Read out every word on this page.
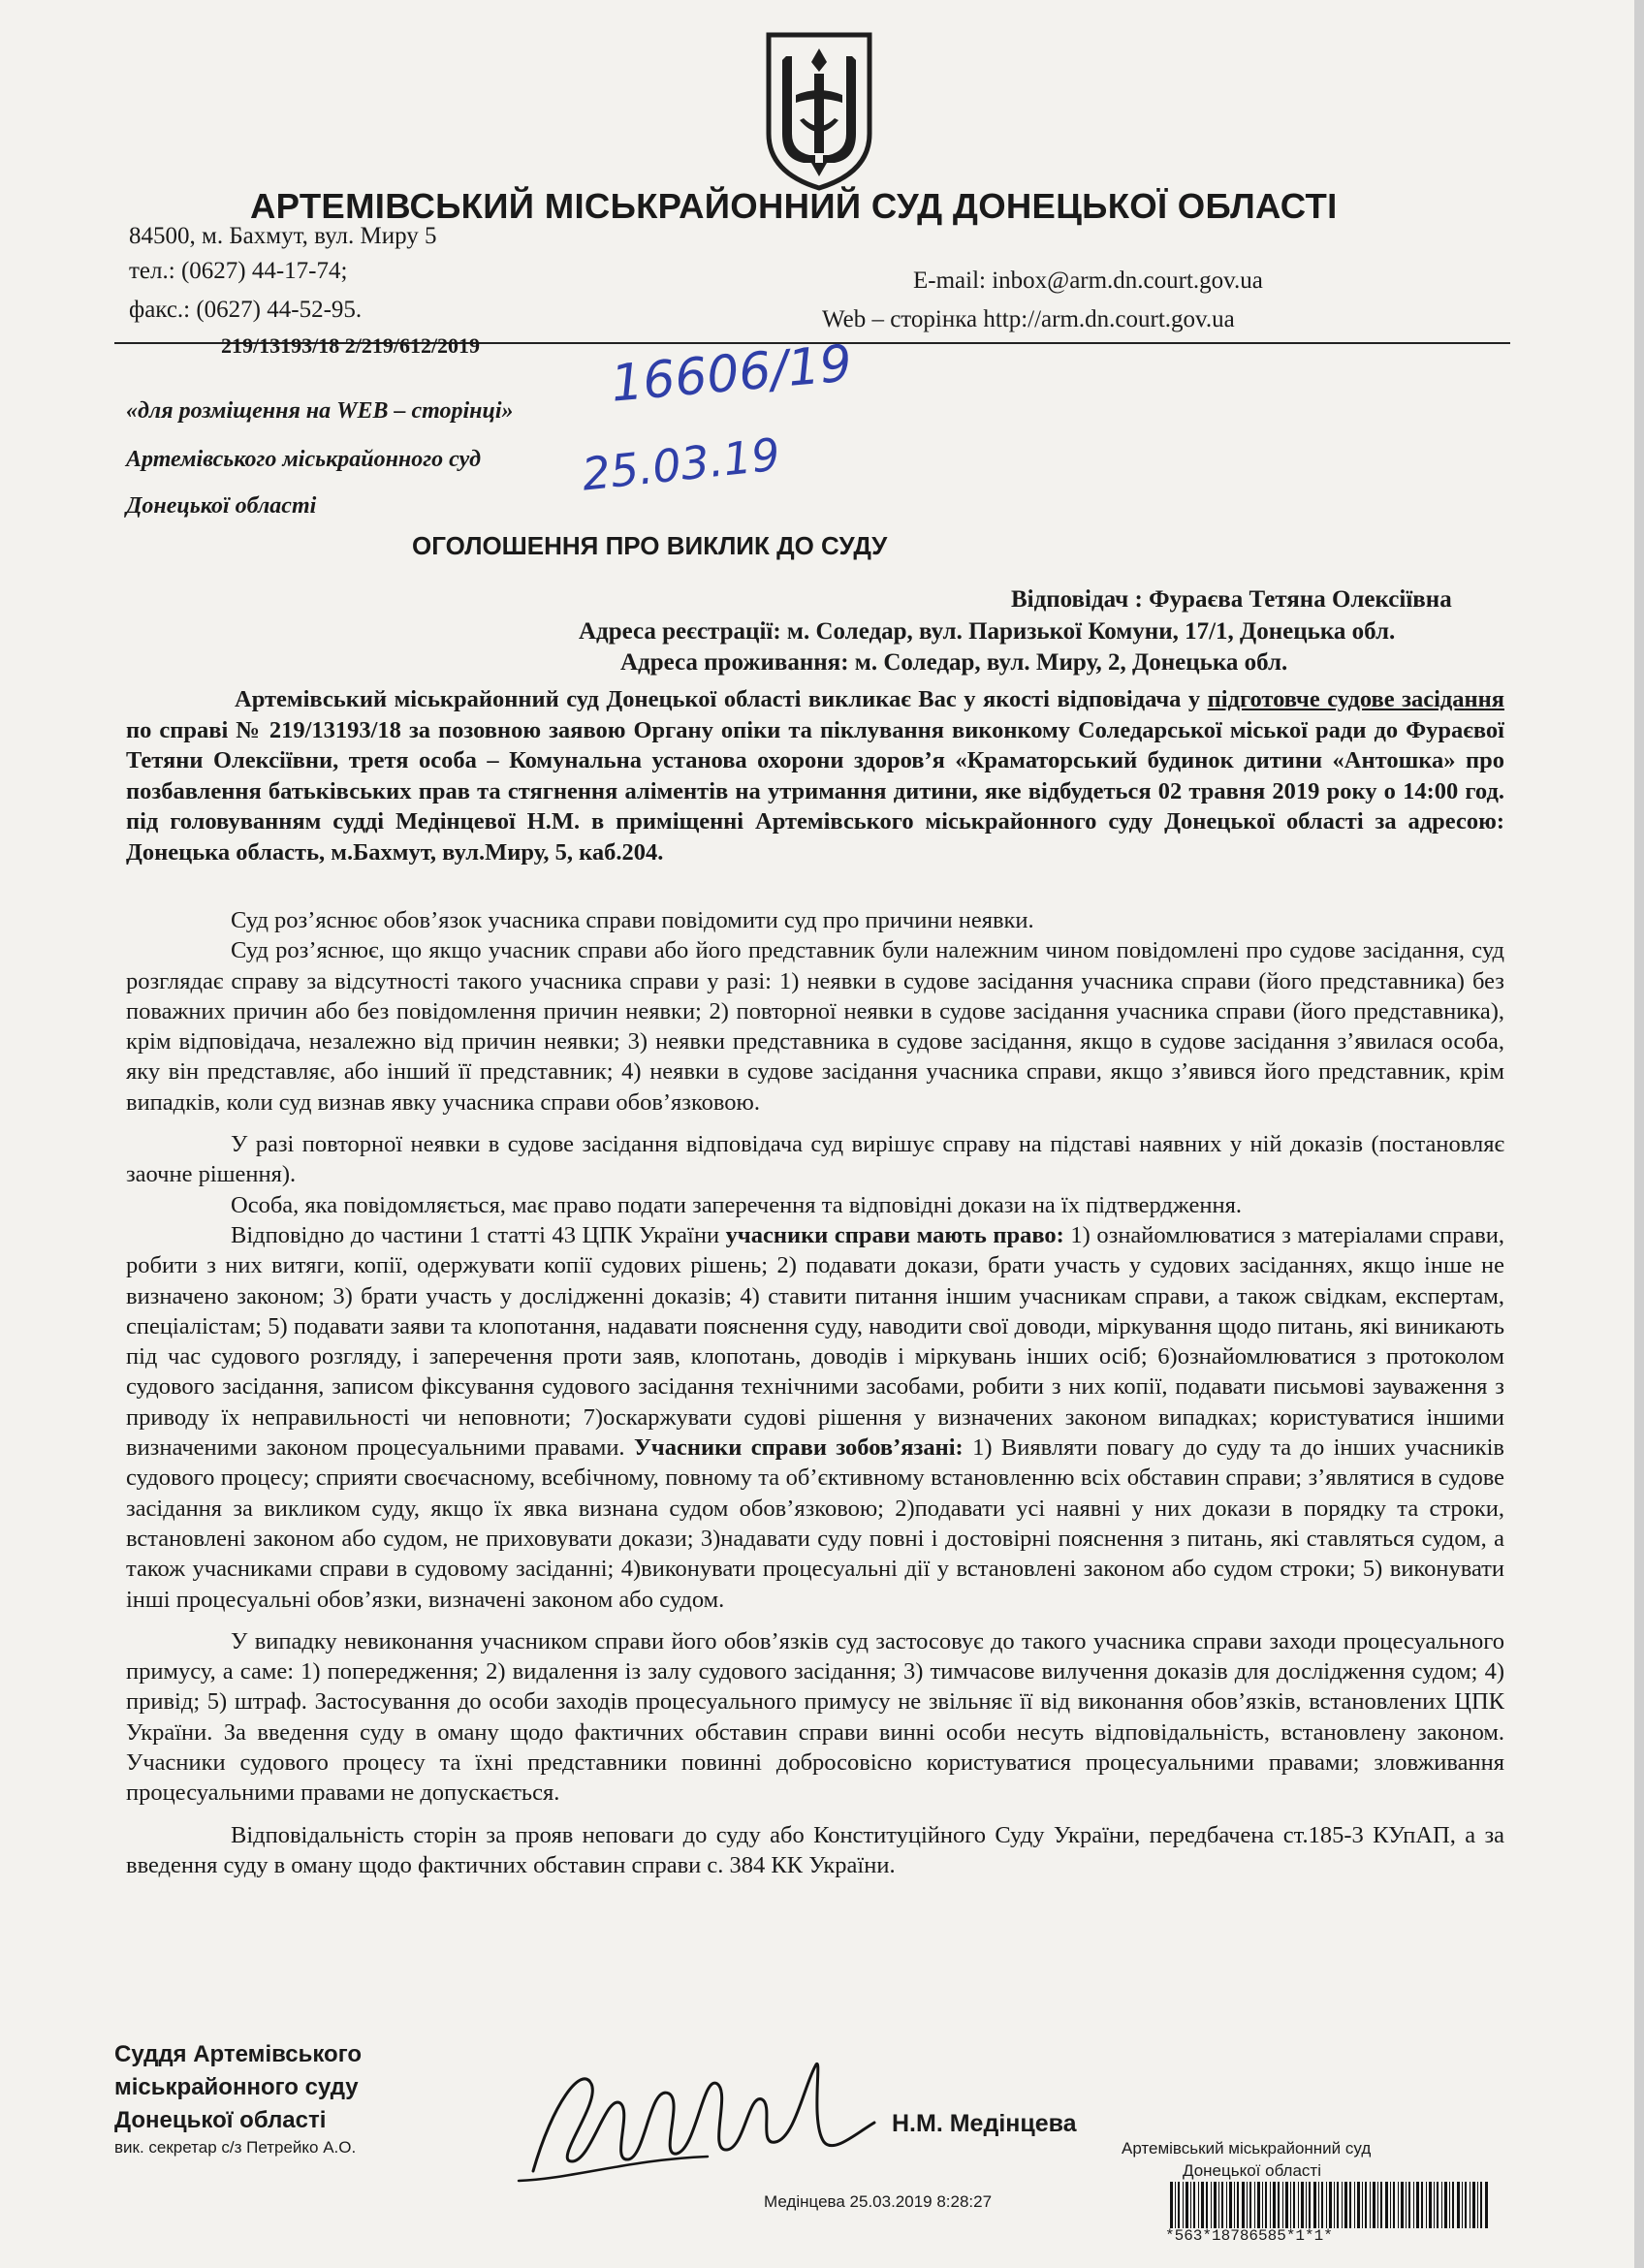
АРТЕМІВСЬКИЙ МІСЬКРАЙОННИЙ СУД ДОНЕЦЬКОЇ ОБЛАСТІ
84500, м. Бахмут, вул. Миру 5
тел.: (0627) 44-17-74;
факс.: (0627) 44-52-95.
E-mail: inbox@arm.dn.court.gov.ua
Web – сторінка http://arm.dn.court.gov.ua
219/13193/18 2/219/612/2019
«для розміщення на WEB – сторінці»
Артемівського міськрайонного суд
Донецької області
16606/19
25.03.19
ОГОЛОШЕННЯ ПРО ВИКЛИК ДО СУДУ
Відповідач : Фураєва Тетяна Олексіївна
Адреса реєстрації: м. Соледар, вул. Паризької Комуни, 17/1, Донецька обл.
Адреса проживання: м. Соледар, вул. Миру, 2, Донецька обл.
Артемівський міськрайонний суд Донецької області викликає Вас у якості відповідача у підготовче судове засідання по справі № 219/13193/18 за позовною заявою Органу опіки та піклування виконкому Соледарської міської ради до Фураєвої Тетяни Олексіївни, третя особа – Комунальна установа охорони здоров’я «Краматорський будинок дитини «Антошка» про позбавлення батьківських прав та стягнення аліментів на утримання дитини, яке відбудеться 02 травня 2019 року о 14:00 год. під головуванням судді Медінцевої Н.М. в приміщенні Артемівського міськрайонного суду Донецької області за адресою: Донецька область, м.Бахмут, вул.Миру, 5, каб.204.

Суд роз’яснює обов’язок учасника справи повідомити суд про причини неявки.

Суд роз’яснює, що якщо учасник справи або його представник були належним чином повідомлені про судове засідання, суд розглядає справу за відсутності такого учасника справи у разі: 1) неявки в судове засідання учасника справи (його представника) без поважних причин або без повідомлення причин неявки; 2) повторної неявки в судове засідання учасника справи (його представника), крім відповідача, незалежно від причин неявки; 3) неявки представника в судове засідання, якщо в судове засідання з’явилася особа, яку він представляє, або інший її представник; 4) неявки в судове засідання учасника справи, якщо з’явився його представник, крім випадків, коли суд визнав явку учасника справи обов’язковою.

У разі повторної неявки в судове засідання відповідача суд вирішує справу на підставі наявних у ній доказів (постановляє заочне рішення).

Особа, яка повідомляється, має право подати заперечення та відповідні докази на їх підтвердження.

Відповідно до частини 1 статті 43 ЦПК України учасники справи мають право: 1) ознайомлюватися з матеріалами справи, робити з них витяги, копії, одержувати копії судових рішень; 2) подавати докази, брати участь у судових засіданнях, якщо інше не визначено законом; 3) брати участь у дослідженні доказів; 4) ставити питання іншим учасникам справи, а також свідкам, експертам, спеціалістам; 5) подавати заяви та клопотання, надавати пояснення суду, наводити свої доводи, міркування щодо питань, які виникають під час судового розгляду, і заперечення проти заяв, клопотань, доводів і міркувань інших осіб; 6)ознайомлюватися з протоколом судового засідання, записом фіксування судового засідання технічними засобами, робити з них копії, подавати письмові зауваження з приводу їх неправильності чи неповноти; 7)оскаржувати судові рішення у визначених законом випадках; користуватися іншими визначеними законом процесуальними правами. Учасники справи зобов’язані: 1) Виявляти повагу до суду та до інших учасників судового процесу; сприяти своєчасному, всебічному, повному та об’єктивному встановленню всіх обставин справи; з’являтися в судове засідання за викликом суду, якщо їх явка визнана судом обов’язковою; 2)подавати усі наявні у них докази в порядку та строки, встановлені законом або судом, не приховувати докази; 3)надавати суду повні і достовірні пояснення з питань, які ставляться судом, а також учасниками справи в судовому засіданні; 4)виконувати процесуальні дії у встановлені законом або судом строки; 5) виконувати інші процесуальні обов’язки, визначені законом або судом.

У випадку невиконання учасником справи його обов’язків суд застосовує до такого учасника справи заходи процесуального примусу, а саме: 1) попередження; 2) видалення із залу судового засідання; 3) тимчасове вилучення доказів для дослідження судом; 4) привід; 5) штраф. Застосування до особи заходів процесуального примусу не звільняє її від виконання обов’язків, встановлених ЦПК України. За введення суду в оману щодо фактичних обставин справи винні особи несуть відповідальність, встановлену законом. Учасники судового процесу та їхні представники повинні добросовісно користуватися процесуальними правами; зловживання процесуальними правами не допускається.

Відповідальність сторін за прояв неповаги до суду або Конституційного Суду України, передбачена ст.185-3 КУпАП, а за введення суду в оману щодо фактичних обставин справи с. 384 КК України.

Суддя Артемівського
міськрайонного суду
Донецької області
вик. секретар с/з Петрейко А.О.
Н.М. Медінцева
Артемівський міськрайонний суд
Донецької області
Медінцева 25.03.2019 8:28:27
*563*18786585*1*1*
